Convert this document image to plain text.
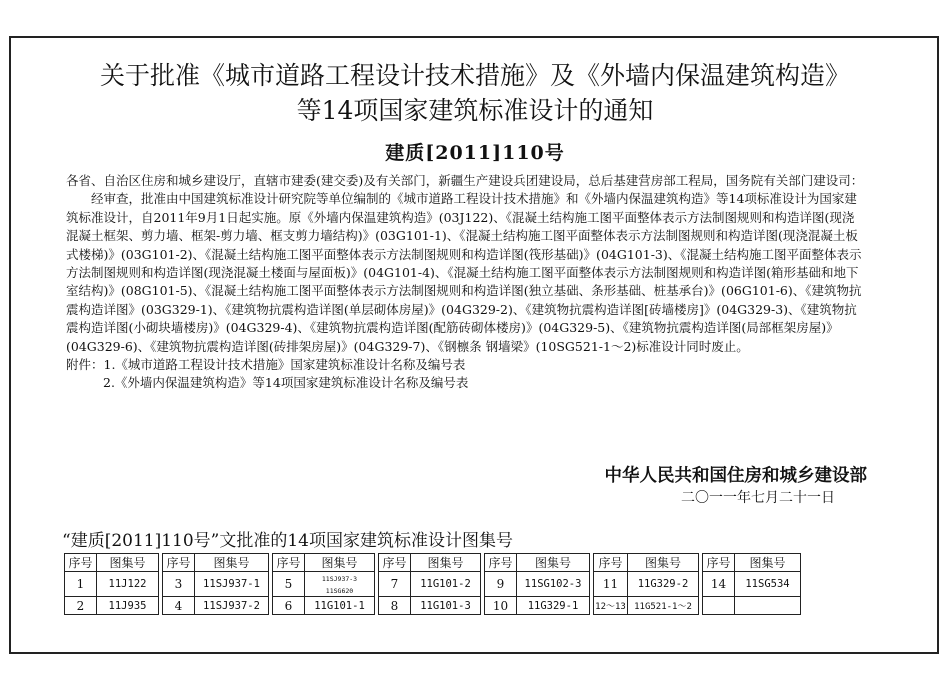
关于批准《城市道路工程设计技术措施》及《外墙内保温建筑构造》
等14项国家建筑标准设计的通知
建质[2011]110号

各省、自治区住房和城乡建设厅，直辖市建委(建交委)及有关部门，新疆生产建设兵团建设局，总后基建营房部工程局，国务院有关部门建设司：

经审查，批准由中国建筑标准设计研究院等单位编制的《城市道路工程设计技术措施》和《外墙内保温建筑构造》等14项标准设计为国家建筑标准设计，自2011年9月1日起实施。原《外墙内保温建筑构造》(03J122)、《混凝土结构施工图平面整体表示方法制图规则和构造详图(现浇混凝土框架、剪力墙、框架-剪力墙、框支剪力墙结构)》(03G101-1)、《混凝土结构施工图平面整体表示方法制图规则和构造详图(现浇混凝土板式楼梯)》(03G101-2)、《混凝土结构施工图平面整体表示方法制图规则和构造详图(筏形基础)》(04G101-3)、《混凝土结构施工图平面整体表示方法制图规则和构造详图(现浇混凝土楼面与屋面板)》(04G101-4)、《混凝土结构施工图平面整体表示方法制图规则和构造详图(箱形基础和地下室结构)》(08G101-5)、《混凝土结构施工图平面整体表示方法制图规则和构造详图(独立基础、条形基础、桩基承台)》(06G101-6)、《建筑物抗震构造详图》(03G329-1)、《建筑物抗震构造详图(单层砌体房屋)》(04G329-2)、《建筑物抗震构造详图[砖墙楼房]》(04G329-3)、《建筑物抗震构造详图(小砌块墙楼房)》(04G329-4)、《建筑物抗震构造详图(配筋砖砌体楼房)》(04G329-5)、《建筑物抗震构造详图(局部框架房屋)》(04G329-6)、《建筑物抗震构造详图(砖排架房屋)》(04G329-7)、《钢檩条 钢墙梁》(10SG521-1～2)标准设计同时废止。

附件：1.《城市道路工程设计技术措施》国家建筑标准设计名称及编号表

2.《外墙内保温建筑构造》等14项国家建筑标准设计名称及编号表

中华人民共和国住房和城乡建设部
二〇一一年七月二十一日
“建质[2011]110号”文批准的14项国家建筑标准设计图集号
序号	图集号		序号	图集号		序号	图集号		序号	图集号		序号	图集号		序号	图集号		序号	图集号
1	11J122		3	11SJ937-1		5	11SJ937-3
11SG620		7	11G101-2		9	11SG102-3		11	11G329-2		14	11SG534
2	11J935		4	11SJ937-2		6	11G101-1		8	11G101-3		10	11G329-1		12～13	11G521-1～2			
